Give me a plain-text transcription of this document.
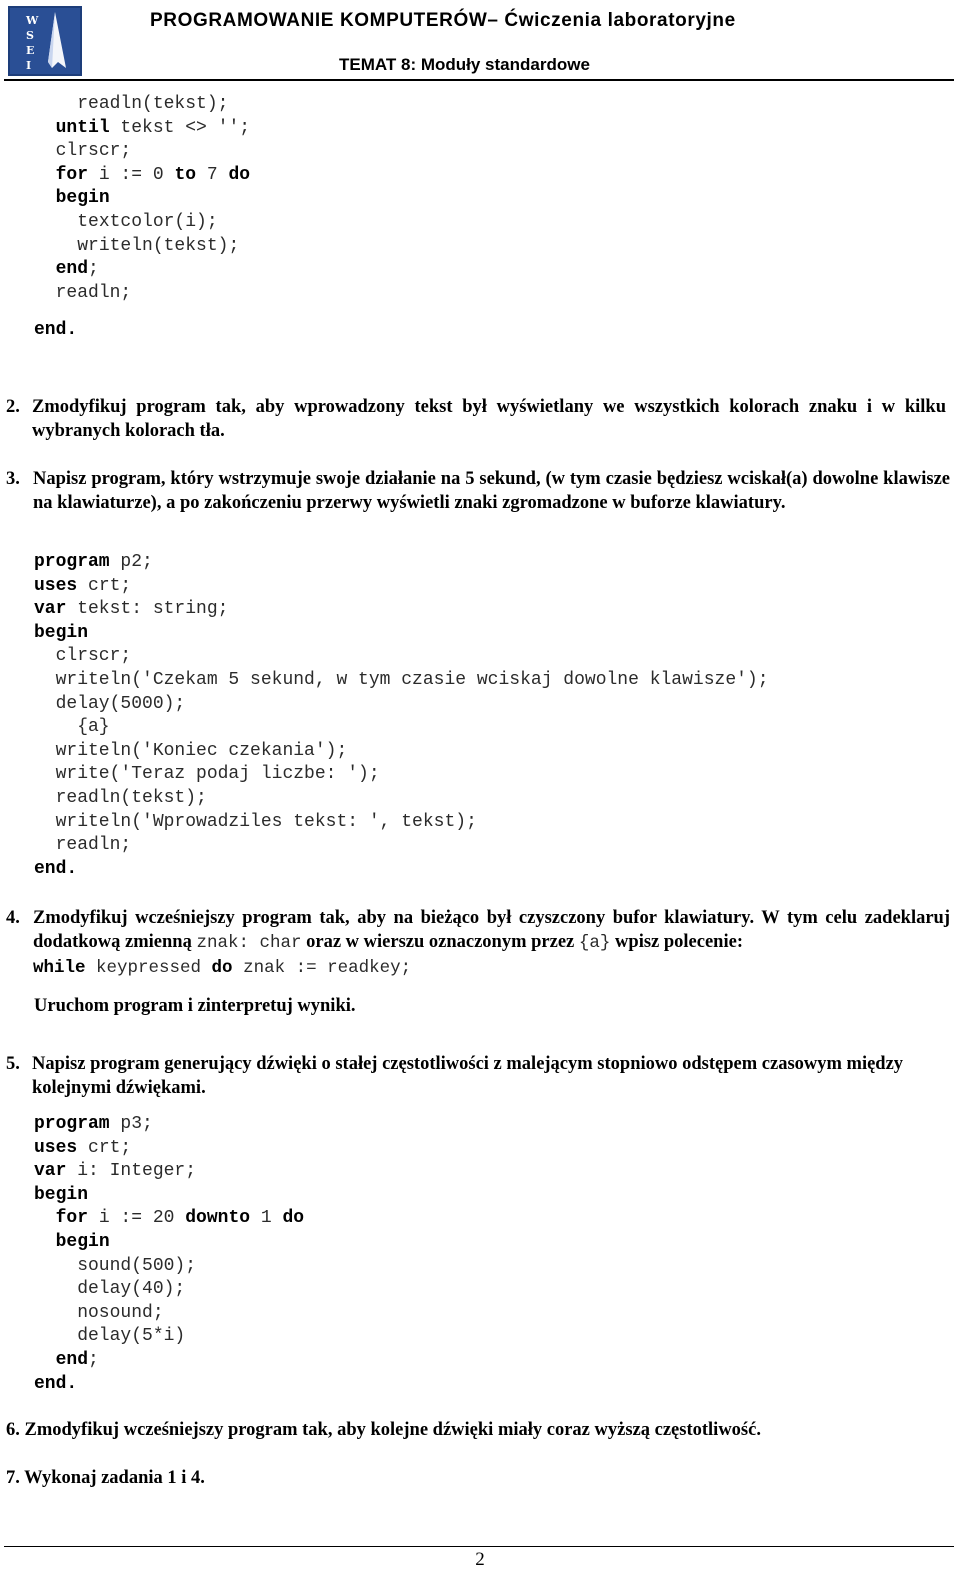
W S E I
PROGRAMOWANIE KOMPUTERÓW– Ćwiczenia laboratoryjne
TEMAT 8: Moduły standardowe
readln(tekst);
until tekst <> '';
clrscr;
for i := 0 to 7 do
begin
textcolor(i);
writeln(tekst);
end;
readln;
end.
2. Zmodyfikuj program tak, aby wprowadzony tekst był wyświetlany we wszystkich kolorach znaku i w kilku wybranych kolorach tła.
3. Napisz program, który wstrzymuje swoje działanie na 5 sekund, (w tym czasie będziesz wciskał(a) dowolne klawisze na klawiaturze), a po zakończeniu przerwy wyświetli znaki zgromadzone w buforze klawiatury.
program p2;
uses crt;
var tekst: string;
begin
clrscr;
writeln('Czekam 5 sekund, w tym czasie wciskaj dowolne klawisze');
delay(5000);
{a}
writeln('Koniec czekania');
write('Teraz podaj liczbe: ');
readln(tekst);
writeln('Wprowadziles tekst: ', tekst);
readln;
end.
4. Zmodyfikuj wcześniejszy program tak, aby na bieżąco był czyszczony bufor klawiatury. W tym celu zadeklaruj dodatkową zmienną znak: char oraz w wierszu oznaczonym przez {a} wpisz polecenie:
while keypressed do znak := readkey;
Uruchom program i zinterpretuj wyniki.
5. Napisz program generujący dźwięki o stałej częstotliwości z malejącym stopniowo odstępem czasowym między kolejnymi dźwiękami.
program p3;
uses crt;
var i: Integer;
begin
for i := 20 downto 1 do
begin
sound(500);
delay(40);
nosound;
delay(5*i)
end;
end.
6. Zmodyfikuj wcześniejszy program tak, aby kolejne dźwięki miały coraz wyższą częstotliwość.
7. Wykonaj zadania 1 i 4.
2
